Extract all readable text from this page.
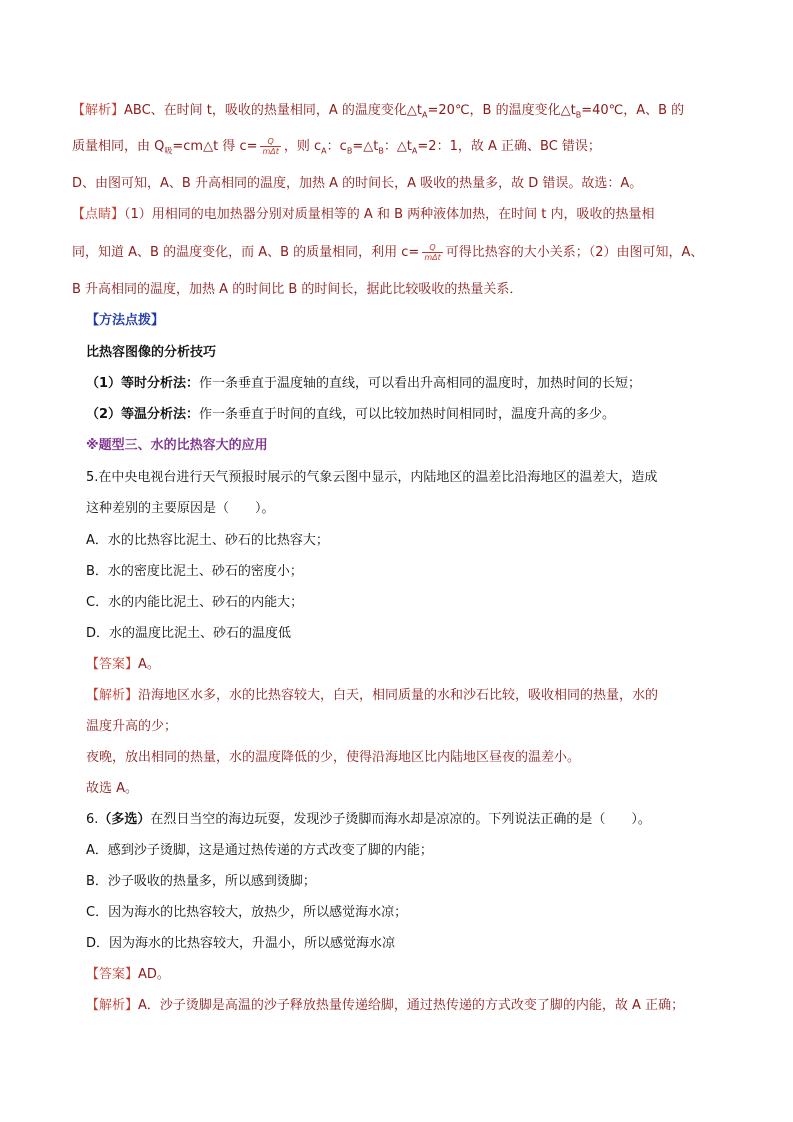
【解析】ABC、在时间 t，吸收的热量相同，A 的温度变化$\triangle t_A=20℃$，B 的温度变化$\triangle t_B=40℃$，A、B 的
质量相同，由 $Q_吸=cm\triangle t$ 得 $c= \frac{Q}{\text{mΔt}}$ ，则 $c_A$：$c_B=\triangle t_B$：$\triangle t_A=2$：1，故 A 正确、BC 错误；
D、由图可知，A、B 升高相同的温度，加热 A 的时间长，A 吸收的热量多，故 D 错误。故选：A。
【点睛】（1）用相同的电加热器分别对质量相等的 A 和 B 两种液体加热，在时间 t 内，吸收的热量相
同，知道 A、B 的温度变化，而 A、B 的质量相同，利用 $c= \frac{Q}{\text{mΔt}}$ 可得比热容的大小关系；（2）由图可知，A、
B 升高相同的温度，加热 A 的时间比 B 的时间长，据此比较吸收的热量关系．
【方法点拨】
比热容图像的分析技巧
（1）等时分析法：作一条垂直于温度轴的直线，可以看出升高相同的温度时，加热时间的长短；
（2）等温分析法：作一条垂直于时间的直线，可以比较加热时间相同时，温度升高的多少。
※题型三、水的比热容大的应用
5.在中央电视台进行天气预报时展示的气象云图中显示，内陆地区的温差比沿海地区的温差大，造成
这种差别的主要原因是（　　）。
A．水的比热容比泥土、砂石的比热容大；
B．水的密度比泥土、砂石的密度小；
C．水的内能比泥土、砂石的内能大；
D．水的温度比泥土、砂石的温度低
【答案】A。
【解析】沿海地区水多，水的比热容较大，白天，相同质量的水和沙石比较，吸收相同的热量，水的
温度升高的少；
夜晚，放出相同的热量，水的温度降低的少，使得沿海地区比内陆地区昼夜的温差小。
故选 A。
6.（多选）在烈日当空的海边玩耍，发现沙子烫脚而海水却是凉凉的。下列说法正确的是（　　）。
A．感到沙子烫脚，这是通过热传递的方式改变了脚的内能；
B．沙子吸收的热量多，所以感到烫脚；
C．因为海水的比热容较大，放热少，所以感觉海水凉；
D．因为海水的比热容较大，升温小，所以感觉海水凉
【答案】AD。
【解析】A．沙子烫脚是高温的沙子释放热量传递给脚，通过热传递的方式改变了脚的内能，故 A 正确；
